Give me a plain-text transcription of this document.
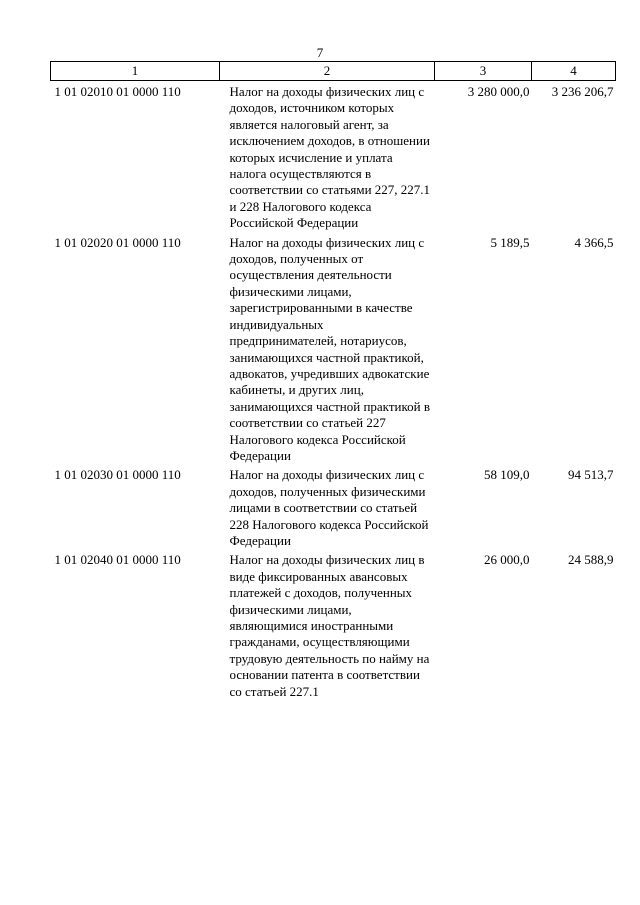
7
1	2	3	4
1 01 02010 01 0000 110	Налог на доходы физических лиц с доходов, источником которых является налоговый агент, за исключением доходов, в отношении которых исчисление и уплата налога осуществляются в соответствии со статьями 227, 227.1 и 228 Налогового кодекса Российской Федерации	3 280 000,0	3 236 206,7
1 01 02020 01 0000 110	Налог на доходы физических лиц с доходов, полученных от осуществления деятельности физическими лицами, зарегистрированными в качестве индивидуальных предпринимателей, нотариусов, занимающихся частной практикой, адвокатов, учредивших адвокатские кабинеты, и других лиц, занимающихся частной практикой в соответствии со статьей 227 Налогового кодекса Российской Федерации	5 189,5	4 366,5
1 01 02030 01 0000 110	Налог на доходы физических лиц с доходов, полученных физическими лицами в соответствии со статьей 228 Налогового кодекса Российской Федерации	58 109,0	94 513,7
1 01 02040 01 0000 110	Налог на доходы физических лиц в виде фиксированных авансовых платежей с доходов, полученных физическими лицами, являющимися иностранными гражданами, осуществляющими трудовую деятельность по найму на основании патента в соответствии со статьей 227.1	26 000,0	24 588,9
